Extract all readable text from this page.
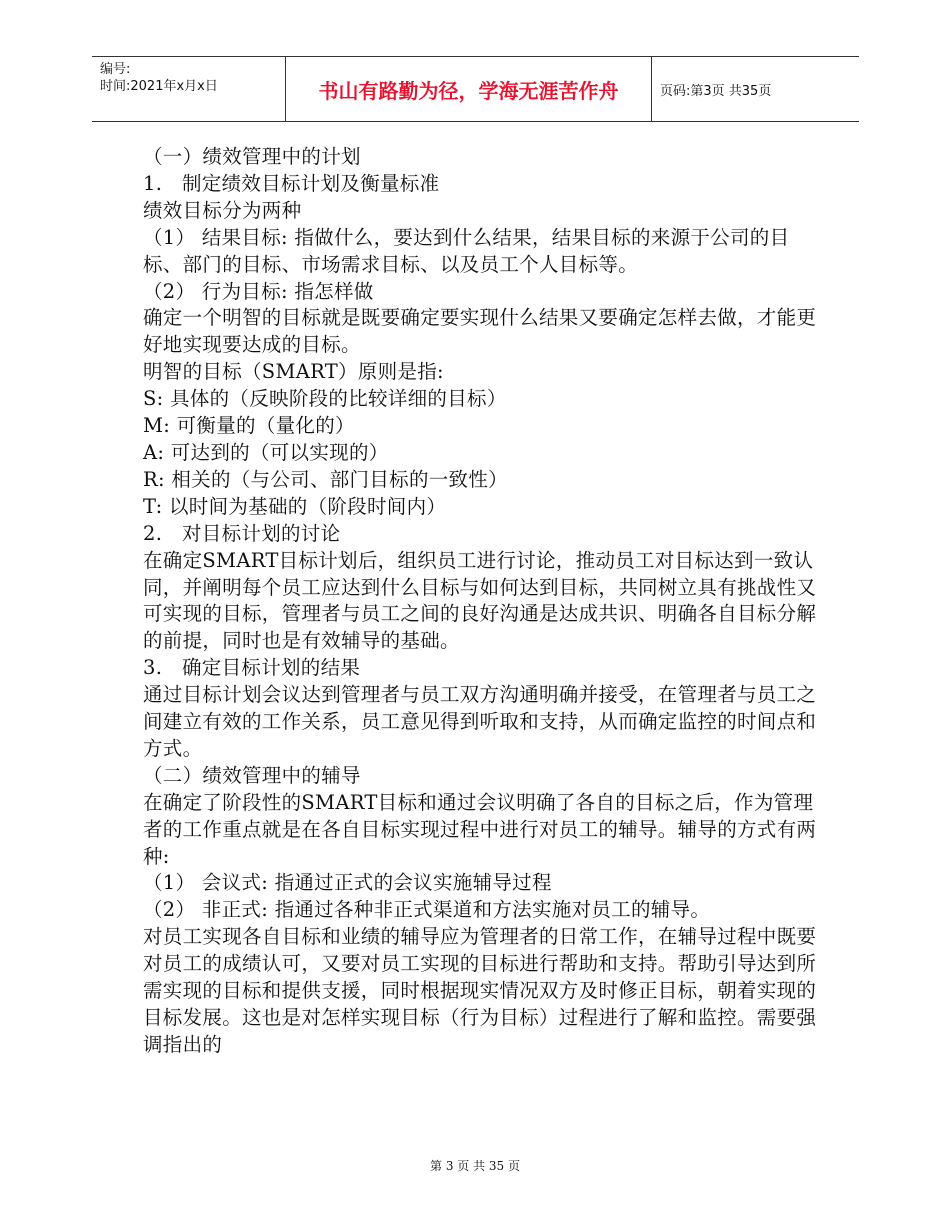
编号:
时间:2021年x月x日	书山有路勤为径，学海无涯苦作舟	页码:第3页 共35页

（一）绩效管理中的计划

1.　制定绩效目标计划及衡量标准

绩效目标分为两种

（1） 结果目标: 指做什么，要达到什么结果，结果目标的来源于公司的目标、部门的目标、市场需求目标、以及员工个人目标等。

（2） 行为目标: 指怎样做

确定一个明智的目标就是既要确定要实现什么结果又要确定怎样去做，才能更好地实现要达成的目标。

明智的目标（SMART）原则是指:

S: 具体的（反映阶段的比较详细的目标）

M: 可衡量的（量化的）

A: 可达到的（可以实现的）

R: 相关的（与公司、部门目标的一致性）

T: 以时间为基础的（阶段时间内）

2.　对目标计划的讨论

在确定SMART目标计划后，组织员工进行讨论，推动员工对目标达到一致认同，并阐明每个员工应达到什么目标与如何达到目标，共同树立具有挑战性又可实现的目标，管理者与员工之间的良好沟通是达成共识、明确各自目标分解的前提，同时也是有效辅导的基础。

3.　确定目标计划的结果

通过目标计划会议达到管理者与员工双方沟通明确并接受，在管理者与员工之间建立有效的工作关系，员工意见得到听取和支持，从而确定监控的时间点和方式。

（二）绩效管理中的辅导

在确定了阶段性的SMART目标和通过会议明确了各自的目标之后，作为管理者的工作重点就是在各自目标实现过程中进行对员工的辅导。辅导的方式有两种:

（1） 会议式: 指通过正式的会议实施辅导过程

（2） 非正式: 指通过各种非正式渠道和方法实施对员工的辅导。

对员工实现各自目标和业绩的辅导应为管理者的日常工作，在辅导过程中既要对员工的成绩认可，又要对员工实现的目标进行帮助和支持。帮助引导达到所需实现的目标和提供支援，同时根据现实情况双方及时修正目标，朝着实现的目标发展。这也是对怎样实现目标（行为目标）过程进行了解和监控。需要强调指出的

第 3 页 共 35 页
